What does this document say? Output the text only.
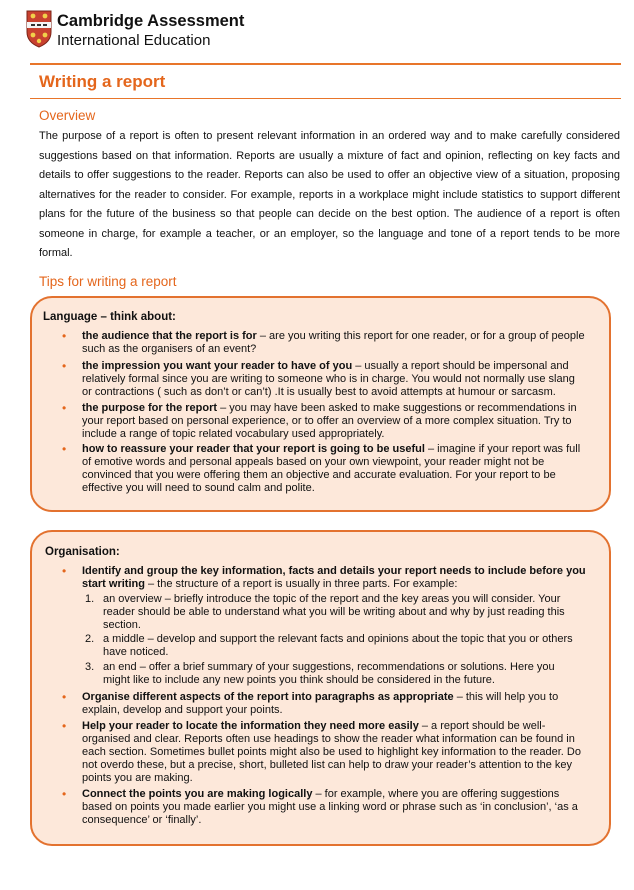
Cambridge Assessment
International Education
Writing a report
Overview
The purpose of a report is often to present relevant information in an ordered way and to make carefully considered suggestions based on that information. Reports are usually a mixture of fact and opinion, reflecting on key facts and details to offer suggestions to the reader. Reports can also be used to offer an objective view of a situation, proposing alternatives for the reader to consider. For example, reports in a workplace might include statistics to support different plans for the future of the business so that people can decide on the best option. The audience of a report is often someone in charge, for example a teacher, or an employer, so the language and tone of a report tends to be more formal.
Tips for writing a report
Language – think about:
• the audience that the report is for – are you writing this report for one reader, or for a group of people such as the organisers of an event?
• the impression you want your reader to have of you – usually a report should be impersonal and relatively formal since you are writing to someone who is in charge. You would not normally use slang or contractions ( such as don’t or can’t) .It is usually best to avoid attempts at humour or sarcasm.
• the purpose for the report – you may have been asked to make suggestions or recommendations in your report based on personal experience, or to offer an overview of a more complex situation. Try to include a range of topic related vocabulary used appropriately.
• how to reassure your reader that your report is going to be useful – imagine if your report was full of emotive words and personal appeals based on your own viewpoint, your reader might not be convinced that you were offering them an objective and accurate evaluation. For your report to be effective you will need to sound calm and polite.
Organisation:
• Identify and group the key information, facts and details your report needs to include before you start writing – the structure of a report is usually in three parts. For example:
1. an overview – briefly introduce the topic of the report and the key areas you will consider. Your reader should be able to understand what you will be writing about and why by just reading this section.
2. a middle – develop and support the relevant facts and opinions about the topic that you or others have noticed.
3. an end – offer a brief summary of your suggestions, recommendations or solutions. Here you might like to include any new points you think should be considered in the future.
• Organise different aspects of the report into paragraphs as appropriate – this will help you to explain, develop and support your points.
• Help your reader to locate the information they need more easily – a report should be well-organised and clear. Reports often use headings to show the reader what information can be found in each section. Sometimes bullet points might also be used to highlight key information to the reader. Do not overdo these, but a precise, short, bulleted list can help to draw your reader’s attention to the key points you are making.
• Connect the points you are making logically – for example, where you are offering suggestions based on points you made earlier you might use a linking word or phrase such as ‘in conclusion’, ‘as a consequence’ or ‘finally’.
